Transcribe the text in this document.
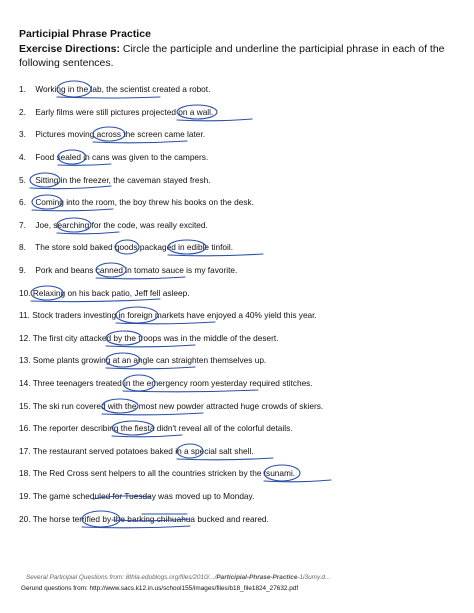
Participial Phrase Practice
Exercise Directions: Circle the participle and underline the participial phrase in each of the following sentences.
1. Working in the lab, the scientist created a robot.
2. Early films were still pictures projected on a wall.
3. Pictures moving across the screen came later.
4. Food sealed in cans was given to the campers.
5. Sitting in the freezer, the caveman stayed fresh.
6. Coming into the room, the boy threw his books on the desk.
7. Joe, searching for the code, was really excited.
8. The store sold baked goods packaged in edible tinfoil.
9. Pork and beans canned in tomato sauce is my favorite.
10. Relaxing on his back patio, Jeff fell asleep.
11. Stock traders investing in foreign markets have enjoyed a 40% yield this year.
12. The first city attacked by the troops was in the middle of the desert.
13. Some plants growing at an angle can straighten themselves up.
14. Three teenagers treated in the emergency room yesterday required stitches.
15. The ski run covered with the most new powder attracted huge crowds of skiers.
16. The reporter describing the fiesta didn't reveal all of the colorful details.
17. The restaurant served potatoes baked in a special salt shell.
18. The Red Cross sent helpers to all the countries stricken by the tsunami.
19. The game scheduled for Tuesday was moved up to Monday.
20. The horse terrified by the barking chihuahua bucked and reared.
Several Participial Questions from: 8thla.edublogs.org/files/2010/.../Participial-Phrase-Practice-1i3umy.d...
Gerund questions from: http://www.sacs.k12.in.us/school155/images/files/b18_file1824_27632.pdf
